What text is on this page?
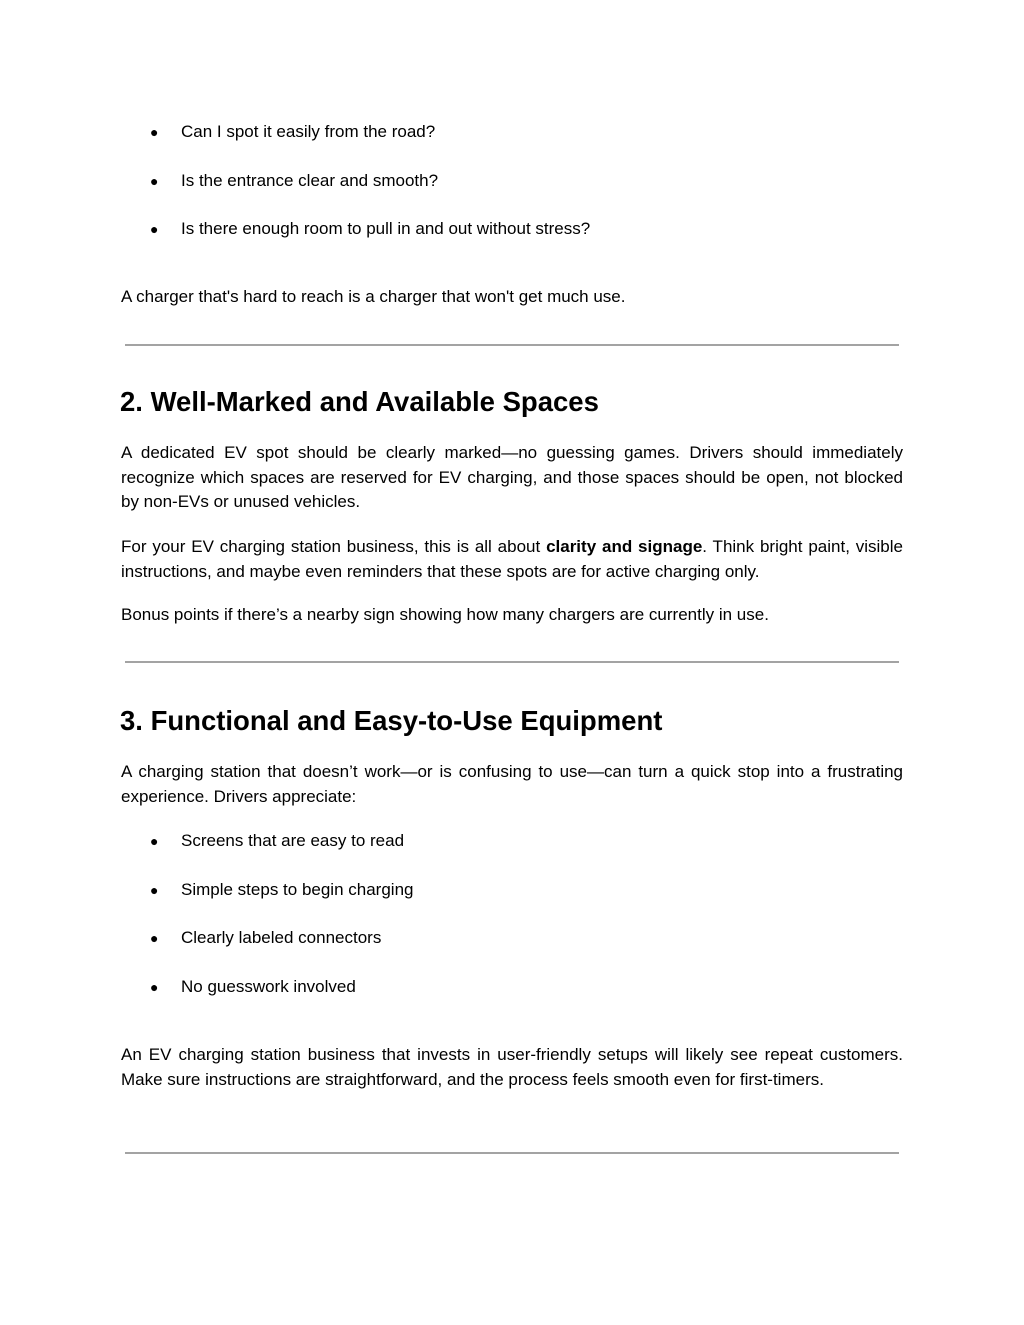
● Can I spot it easily from the road?
● Is the entrance clear and smooth?
● Is there enough room to pull in and out without stress?

A charger that's hard to reach is a charger that won't get much use.

2. Well-Marked and Available Spaces

A dedicated EV spot should be clearly marked—no guessing games. Drivers should immediately recognize which spaces are reserved for EV charging, and those spaces should be open, not blocked by non-EVs or unused vehicles.

For your EV charging station business, this is all about clarity and signage. Think bright paint, visible instructions, and maybe even reminders that these spots are for active charging only.

Bonus points if there’s a nearby sign showing how many chargers are currently in use.

3. Functional and Easy-to-Use Equipment

A charging station that doesn’t work—or is confusing to use—can turn a quick stop into a frustrating experience. Drivers appreciate:

● Screens that are easy to read
● Simple steps to begin charging
● Clearly labeled connectors
● No guesswork involved

An EV charging station business that invests in user-friendly setups will likely see repeat customers. Make sure instructions are straightforward, and the process feels smooth even for first-timers.
